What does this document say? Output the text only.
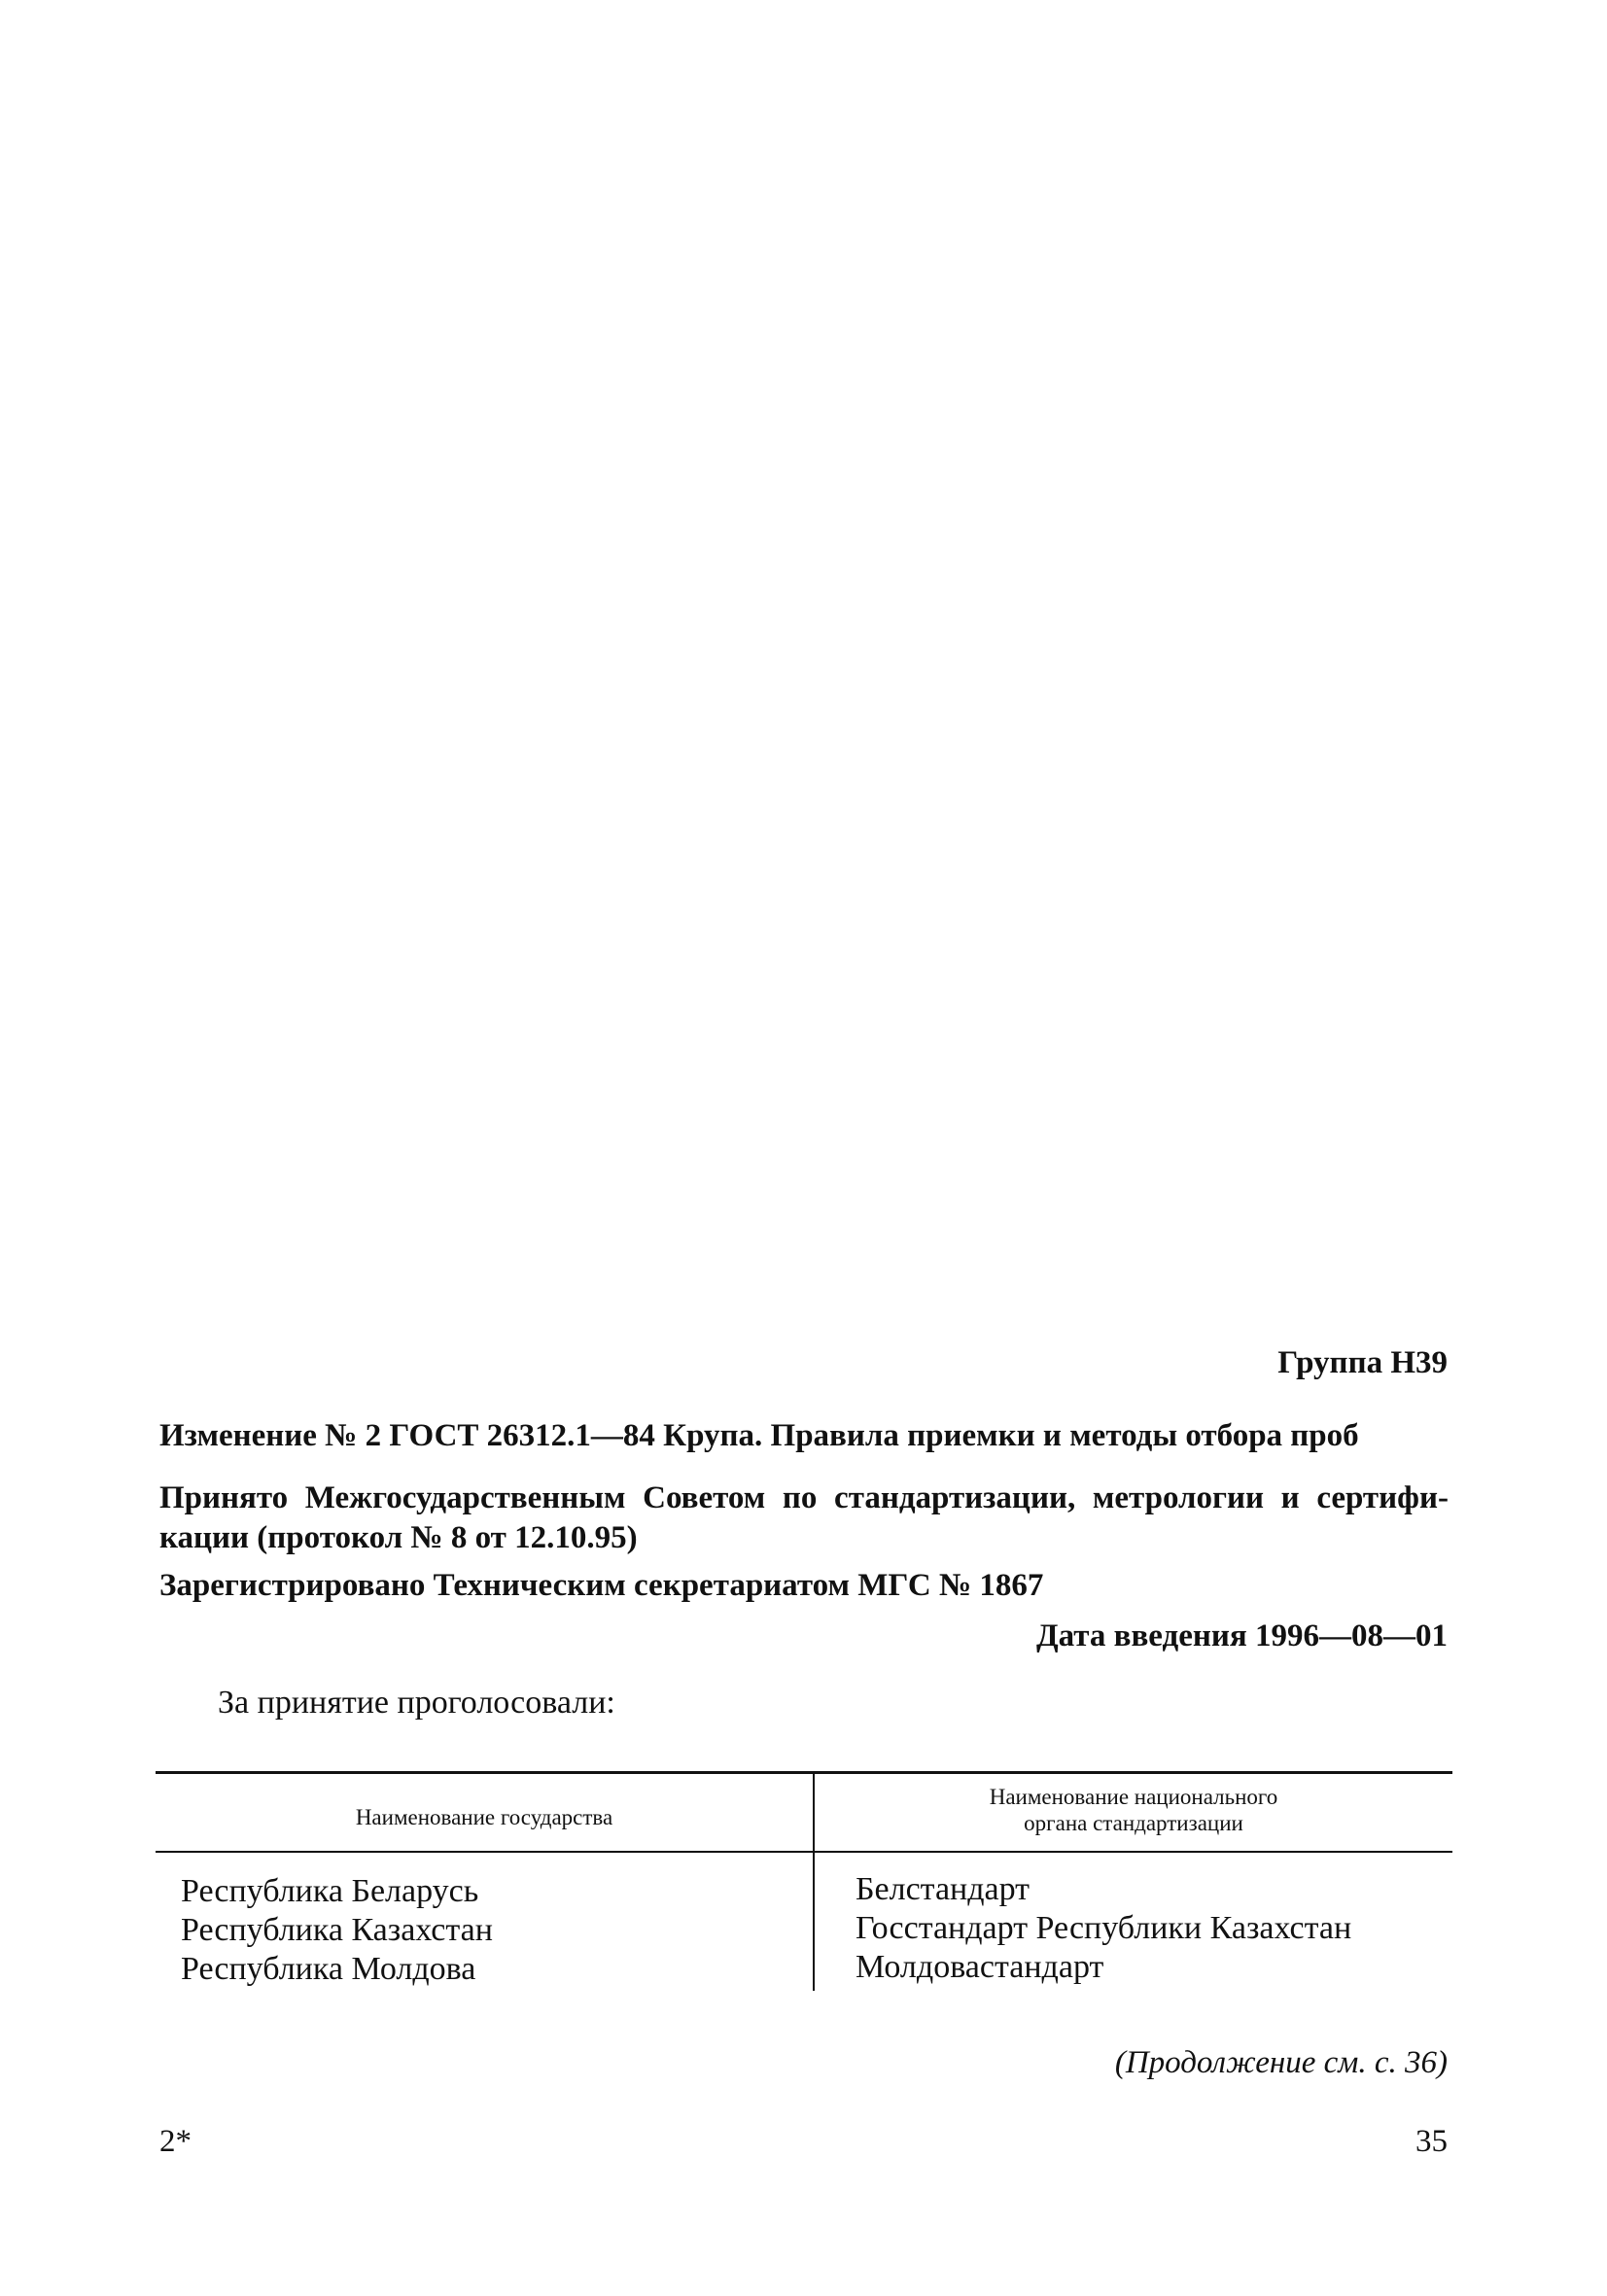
Группа Н39
Изменение № 2 ГОСТ 26312.1—84 Крупа. Правила приемки и методы отбора проб
Принято Межгосударственным Советом по стандартизации, метрологии и сертификации (протокол № 8 от 12.10.95)
Зарегистрировано Техническим секретариатом МГС № 1867
Дата введения 1996—08—01
За принятие проголосовали:
Наименование государства
Наименование национального
органа стандартизации
Республика Беларусь
Республика Казахстан
Республика Молдова
Белстандарт
Госстандарт Республики Казахстан
Молдовастандарт
(Продолжение см. с. 36)
2*	35
